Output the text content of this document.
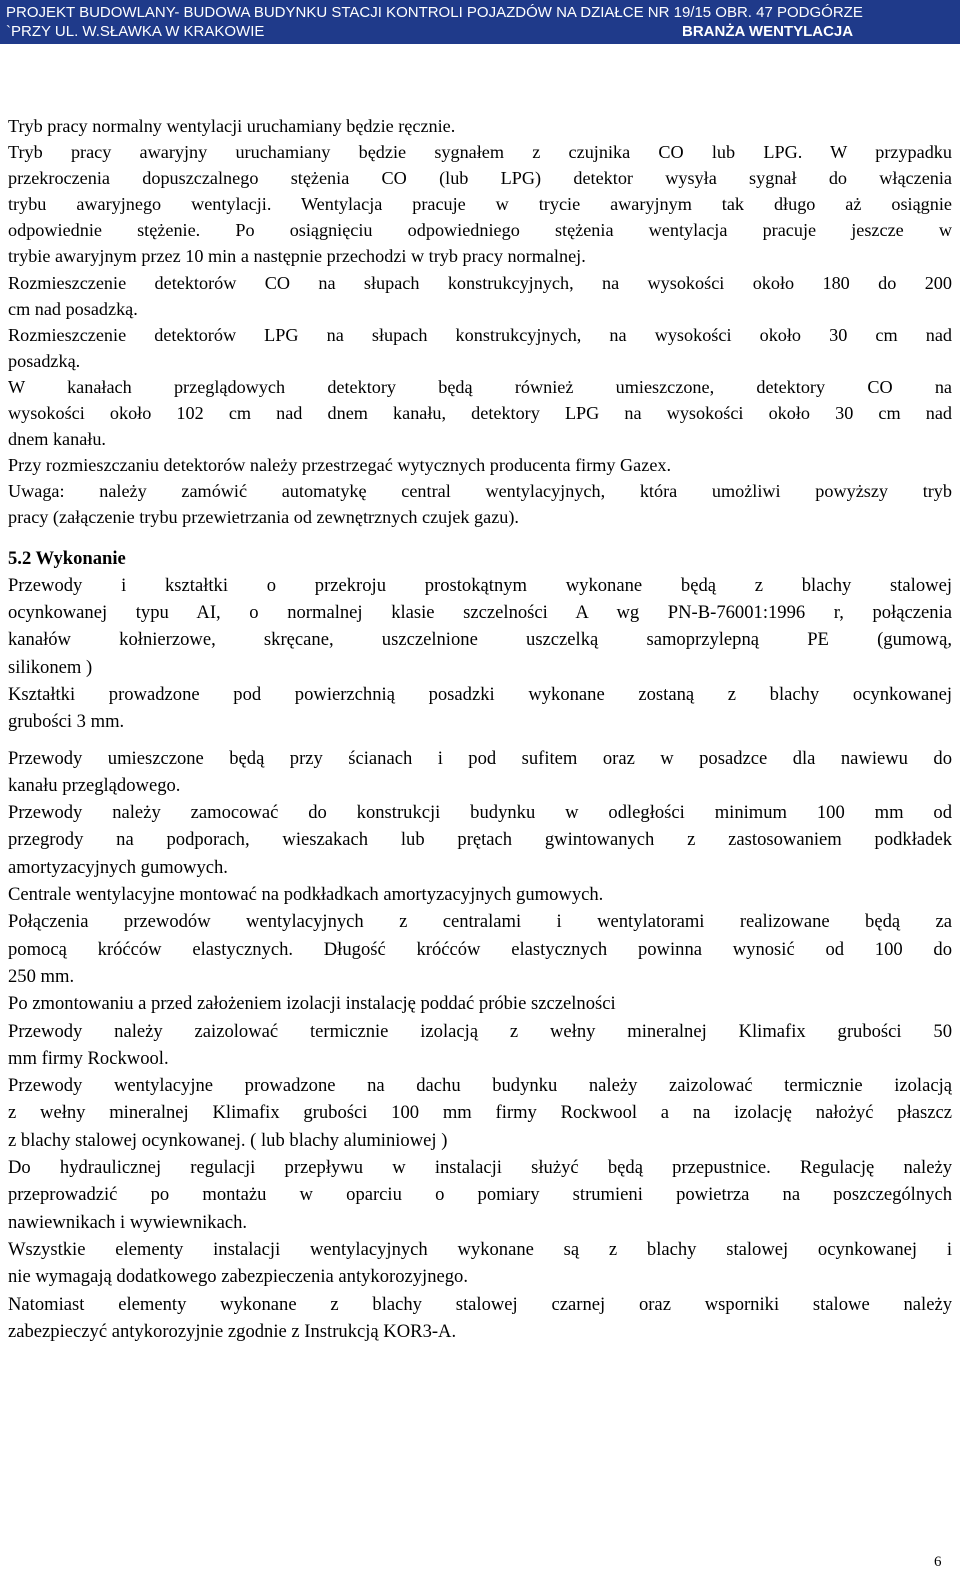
PROJEKT BUDOWLANY- BUDOWA BUDYNKU STACJI KONTROLI POJAZDÓW NA DZIAŁCE NR 19/15 OBR. 47 PODGÓRZE
`PRZY UL. W.SŁAWKA W KRAKOWIE	BRANŻA WENTYLACJA
Tryb pracy normalny wentylacji uruchamiany będzie ręcznie.
Tryb pracy awaryjny uruchamiany będzie sygnałem z czujnika CO lub LPG. W przypadku
przekroczenia dopuszczalnego stężenia CO (lub LPG) detektor wysyła sygnał do włączenia
trybu awaryjnego wentylacji. Wentylacja pracuje w trycie awaryjnym tak długo aż osiągnie
odpowiednie stężenie. Po osiągnięciu odpowiedniego stężenia wentylacja pracuje jeszcze w
trybie awaryjnym przez 10 min a następnie przechodzi w tryb pracy normalnej.
Rozmieszczenie detektorów CO na słupach konstrukcyjnych, na wysokości około 180 do 200
cm nad posadzką.
Rozmieszczenie detektorów LPG na słupach konstrukcyjnych, na wysokości około 30 cm nad
posadzką.
W kanałach przeglądowych detektory będą również umieszczone, detektory CO na
wysokości około 102 cm nad dnem kanału, detektory LPG na wysokości około 30 cm nad
dnem kanału.
Przy rozmieszczaniu detektorów należy przestrzegać wytycznych producenta firmy Gazex.
Uwaga: należy zamówić automatykę central wentylacyjnych, która umożliwi powyższy tryb
pracy (załączenie trybu przewietrzania od zewnętrznych czujek gazu).
5.2 Wykonanie
Przewody i kształtki o przekroju prostokątnym wykonane będą z blachy stalowej
ocynkowanej typu AI, o normalnej klasie szczelności A wg PN-B-76001:1996 r, połączenia
kanałów kołnierzowe, skręcane, uszczelnione uszczelką samoprzylepną PE (gumową,
silikonem )
Kształtki prowadzone pod powierzchnią posadzki wykonane zostaną z blachy ocynkowanej
grubości 3 mm.
Przewody umieszczone będą przy ścianach i pod sufitem oraz w posadzce dla nawiewu do
kanału przeglądowego.
Przewody należy zamocować do konstrukcji budynku w odległości minimum 100 mm od
przegrody na podporach, wieszakach lub prętach gwintowanych z zastosowaniem podkładek
amortyzacyjnych gumowych.
Centrale wentylacyjne montować na podkładkach amortyzacyjnych gumowych.
Połączenia przewodów wentylacyjnych z centralami i wentylatorami realizowane będą za
pomocą króćców elastycznych. Długość króćców elastycznych powinna wynosić od 100 do
250 mm.
Po zmontowaniu a przed założeniem izolacji instalację poddać próbie szczelności
Przewody należy zaizolować termicznie izolacją z wełny mineralnej Klimafix grubości 50
mm firmy Rockwool.
Przewody wentylacyjne prowadzone na dachu budynku należy zaizolować termicznie izolacją
z wełny mineralnej Klimafix grubości 100 mm firmy Rockwool a na izolację nałożyć płaszcz
z blachy stalowej ocynkowanej. ( lub blachy aluminiowej )
Do hydraulicznej regulacji przepływu w instalacji służyć będą przepustnice. Regulację należy
przeprowadzić po montażu w oparciu o pomiary strumieni powietrza na poszczególnych
nawiewnikach i wywiewnikach.
Wszystkie elementy instalacji wentylacyjnych wykonane są z blachy stalowej ocynkowanej i
nie wymagają dodatkowego zabezpieczenia antykorozyjnego.
Natomiast elementy wykonane z blachy stalowej czarnej oraz wsporniki stalowe należy
zabezpieczyć antykorozyjnie zgodnie z Instrukcją KOR3-A.
6
